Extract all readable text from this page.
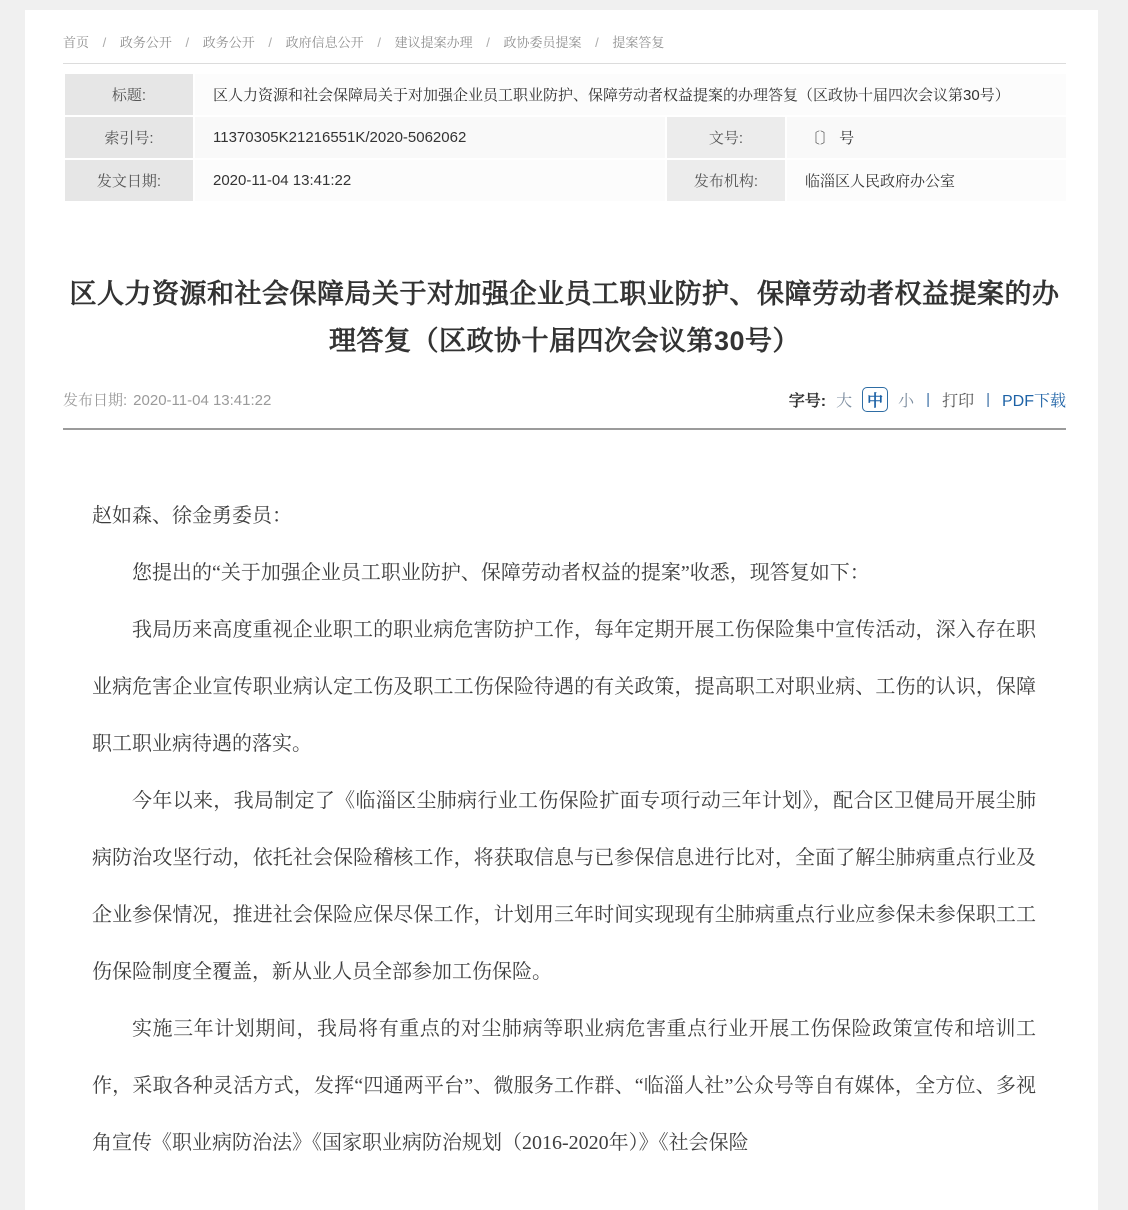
首页 / 政务公开 / 政务公开 / 政府信息公开 / 建议提案办理 / 政协委员提案 / 提案答复
标题:	区人力资源和社会保障局关于对加强企业员工职业防护、保障劳动者权益提案的办理答复（区政协十届四次会议第30号）		
索引号:	11370305K21216551K/2020-5062062	文号:	〔〕 号
发文日期:	2020-11-04 13:41:22	发布机构:	临淄区人民政府办公室
区人力资源和社会保障局关于对加强企业员工职业防护、保障劳动者权益提案的办理答复（区政协十届四次会议第30号）
发布日期: 2020-11-04 13:41:22	字号: 大 中 小 | 打印 | PDF下载

赵如森、徐金勇委员：

您提出的“关于加强企业员工职业防护、保障劳动者权益的提案”收悉，现答复如下：

我局历来高度重视企业职工的职业病危害防护工作，每年定期开展工伤保险集中宣传活动，深入存在职业病危害企业宣传职业病认定工伤及职工工伤保险待遇的有关政策，提高职工对职业病、工伤的认识，保障职工职业病待遇的落实。

今年以来，我局制定了《临淄区尘肺病行业工伤保险扩面专项行动三年计划》，配合区卫健局开展尘肺病防治攻坚行动，依托社会保险稽核工作，将获取信息与已参保信息进行比对，全面了解尘肺病重点行业及企业参保情况，推进社会保险应保尽保工作，计划用三年时间实现现有尘肺病重点行业应参保未参保职工工伤保险制度全覆盖，新从业人员全部参加工伤保险。

实施三年计划期间，我局将有重点的对尘肺病等职业病危害重点行业开展工伤保险政策宣传和培训工作，采取各种灵活方式，发挥“四通两平台”、微服务工作群、“临淄人社”公众号等自有媒体，全方位、多视角宣传《职业病防治法》《国家职业病防治规划（2016-2020年）》《社会保险
